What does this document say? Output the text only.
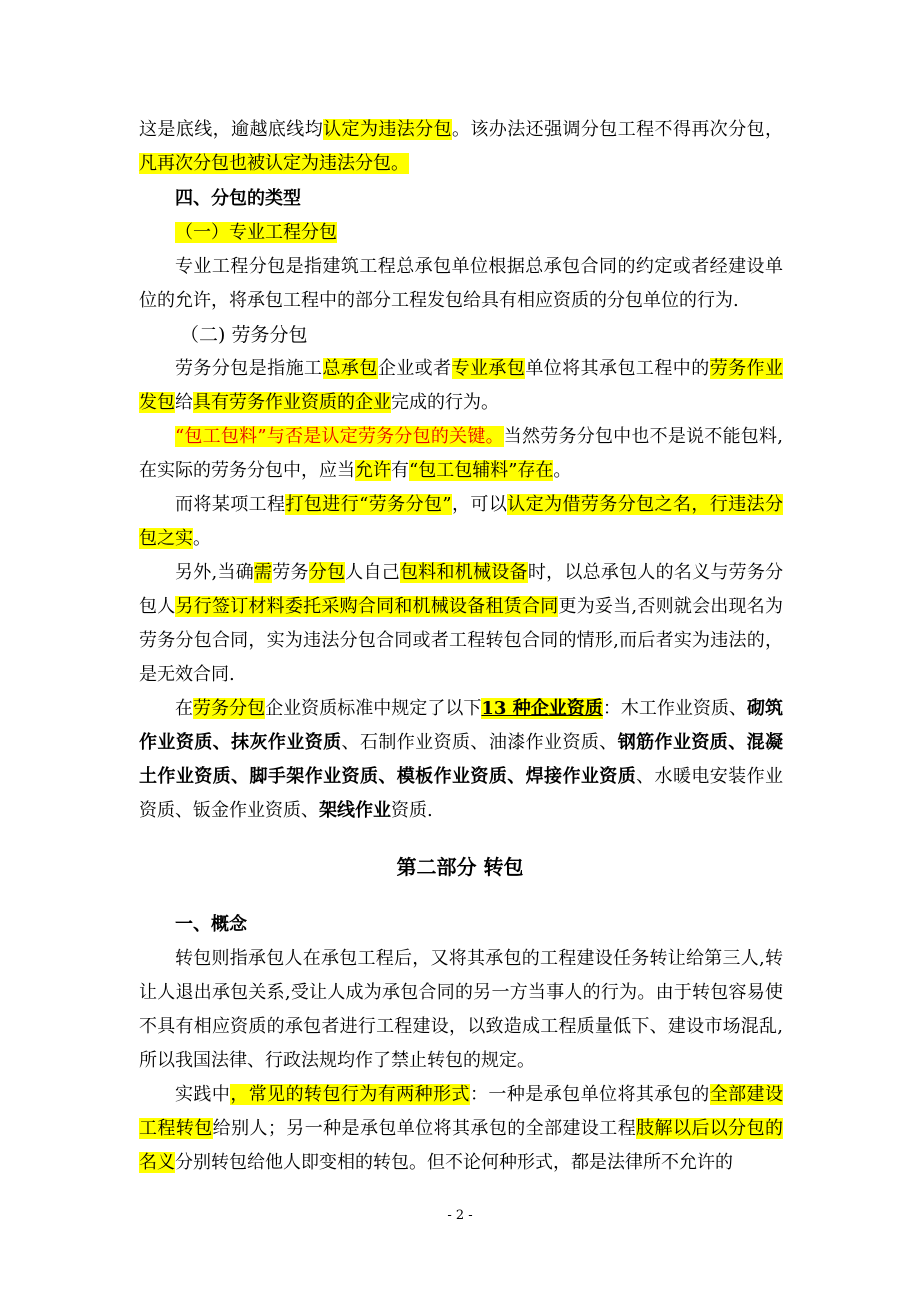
这是底线，逾越底线均认定为违法分包。该办法还强调分包工程不得再次分包，凡再次分包也被认定为违法分包。
四、分包的类型
（一）专业工程分包
专业工程分包是指建筑工程总承包单位根据总承包合同的约定或者经建设单位的允许，将承包工程中的部分工程发包给具有相应资质的分包单位的行为.
（二) 劳务分包
劳务分包是指施工总承包企业或者专业承包单位将其承包工程中的劳务作业发包给具有劳务作业资质的企业完成的行为。
“包工包料”与否是认定劳务分包的关键。当然劳务分包中也不是说不能包料,在实际的劳务分包中，应当允许有“包工包辅料”存在。
而将某项工程打包进行“劳务分包”，可以认定为借劳务分包之名，行违法分包之实。
另外,当确需劳务分包人自己包料和机械设备时，以总承包人的名义与劳务分包人另行签订材料委托采购合同和机械设备租赁合同更为妥当,否则就会出现名为劳务分包合同，实为违法分包合同或者工程转包合同的情形,而后者实为违法的，是无效合同.
在劳务分包企业资质标准中规定了以下13 种企业资质：木工作业资质、砌筑作业资质、抹灰作业资质、石制作业资质、油漆作业资质、钢筋作业资质、混凝土作业资质、脚手架作业资质、模板作业资质、焊接作业资质、水暖电安装作业资质、钣金作业资质、架线作业资质.
第二部分 转包
一、概念
转包则指承包人在承包工程后，又将其承包的工程建设任务转让给第三人,转让人退出承包关系,受让人成为承包合同的另一方当事人的行为。由于转包容易使不具有相应资质的承包者进行工程建设，以致造成工程质量低下、建设市场混乱,所以我国法律、行政法规均作了禁止转包的规定。
实践中，常见的转包行为有两种形式：一种是承包单位将其承包的全部建设工程转包给别人；另一种是承包单位将其承包的全部建设工程肢解以后以分包的名义分别转包给他人即变相的转包。但不论何种形式，都是法律所不允许的
- 2 -
